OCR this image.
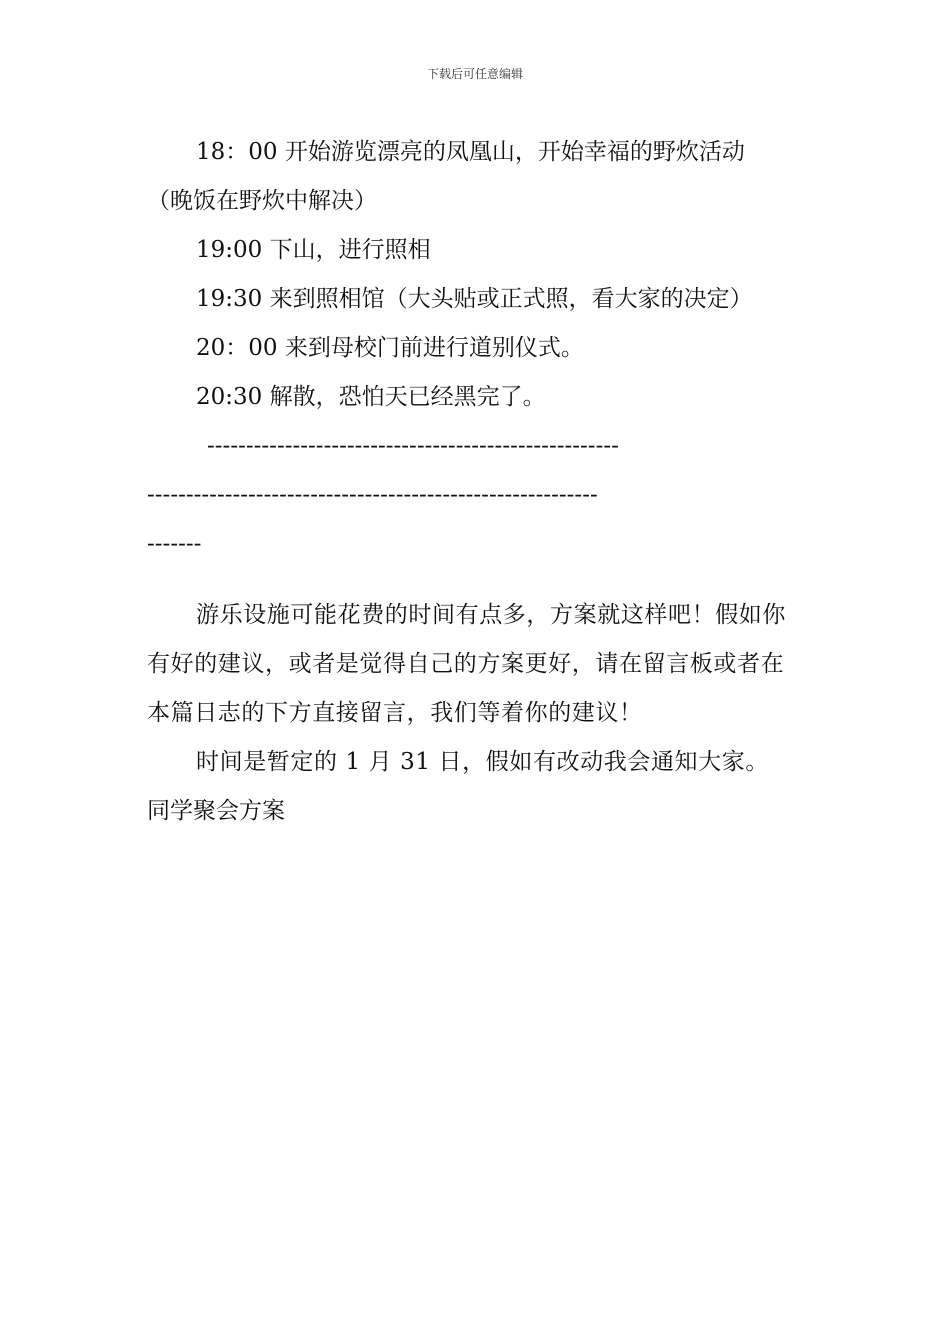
下载后可任意编辑
18：00 开始游览漂亮的凤凰山，开始幸福的野炊活动
（晚饭在野炊中解决）
19:00 下山，进行照相
19:30 来到照相馆（大头贴或正式照，看大家的决定）
20：00 来到母校门前进行道别仪式。
20:30 解散，恐怕天已经黑完了。
-----------------------------------------------------
----------------------------------------------------------
-------
游乐设施可能花费的时间有点多，方案就这样吧！假如你有好的建议，或者是觉得自己的方案更好，请在留言板或者在本篇日志的下方直接留言，我们等着你的建议！
时间是暂定的 1 月 31 日，假如有改动我会通知大家。
同学聚会方案
